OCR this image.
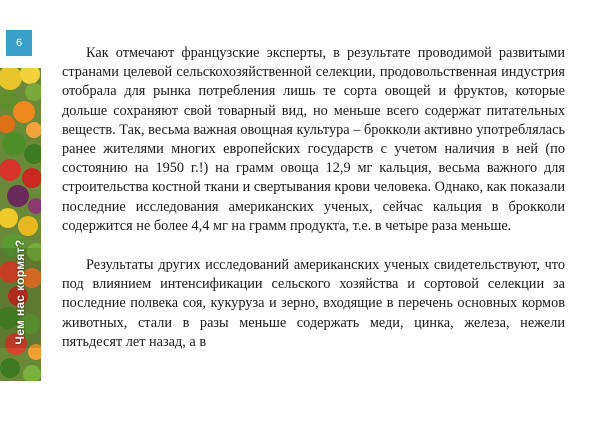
6
Чем нас кормят?

Как отмечают французские эксперты, в результате проводимой развитыми странами целевой сельскохозяйственной селекции, продовольственная индустрия отобрала для рынка потребления лишь те сорта овощей и фруктов, которые дольше сохраняют свой товарный вид, но меньше всего содержат питательных веществ. Так, весьма важная овощная культура – брокколи активно употреблялась ранее жителями многих европейских государств с учетом наличия в ней (по состоянию на 1950 г.!) на грамм овоща 12,9 мг кальция, весьма важного для строительства костной ткани и свертывания крови человека. Однако, как показали последние исследования американских ученых, сейчас кальция в брокколи содержится не более 4,4 мг на грамм продукта, т.е. в четыре раза меньше.

Результаты других исследований американских ученых свидетельствуют, что под влиянием интенсификации сельского хозяйства и сортовой селекции за последние полвека соя, кукуруза и зерно, входящие в перечень основных кормов животных, стали в разы меньше содержать меди, цинка, железа, нежели пятьдесят лет назад, а в
